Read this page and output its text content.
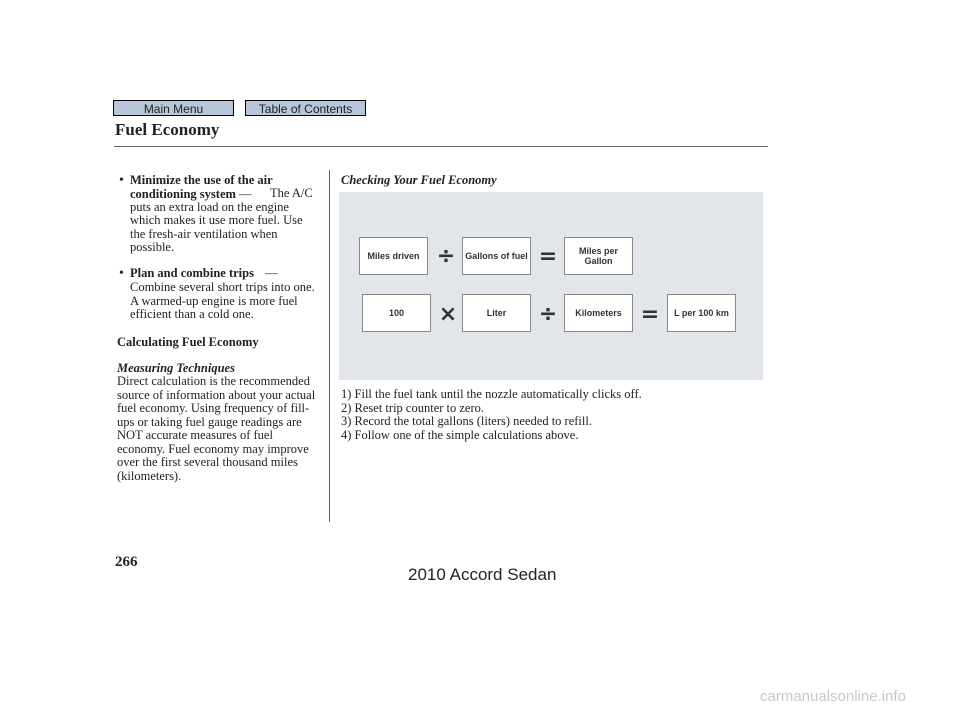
Main Menu	Table of Contents
Fuel Economy
• Minimize the use of the air conditioning system —	The A/C puts an extra load on the engine which makes it use more fuel. Use the fresh-air ventilation when possible.
• Plan and combine trips —
Combine several short trips into one. A warmed-up engine is more fuel efficient than a cold one.
Calculating Fuel Economy
Measuring Techniques
Direct calculation is the recommended source of information about your actual fuel economy. Using frequency of fill-ups or taking fuel gauge readings are NOT accurate measures of fuel economy. Fuel economy may improve over the first several thousand miles (kilometers).
Checking Your Fuel Economy
Miles driven ÷	Gallons of fuel =	Miles per Gallon
100	×	Liter	÷	Kilometers =	L per 100 km
1) Fill the fuel tank until the nozzle automatically clicks off.
2) Reset trip counter to zero.
3) Record the total gallons (liters) needed to refill.
4) Follow one of the simple calculations above.
266
2010 Accord Sedan
carmanualsonline.info
